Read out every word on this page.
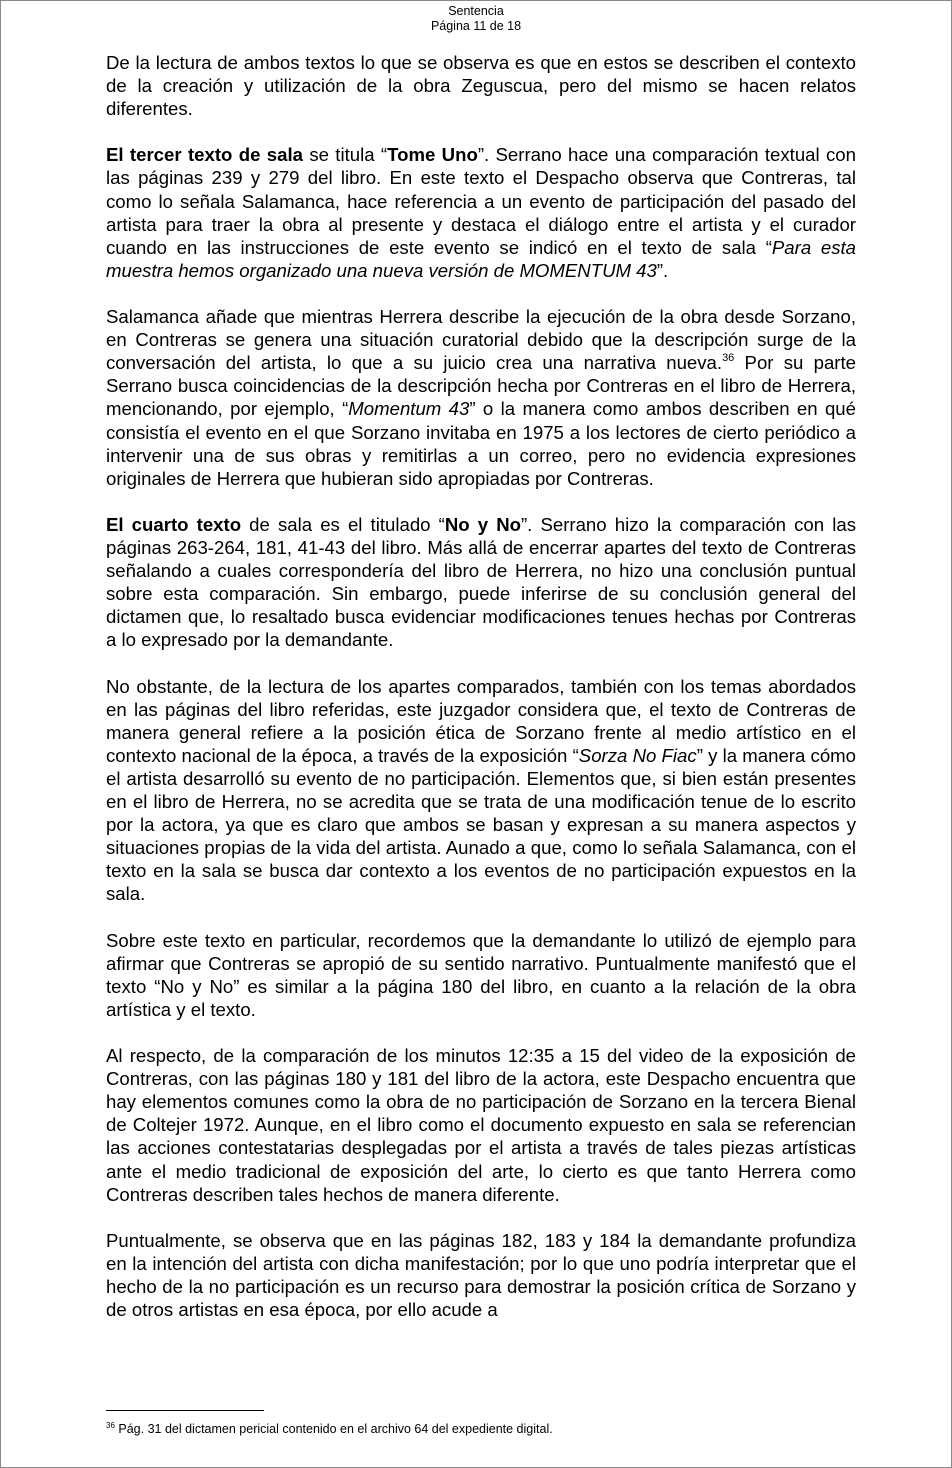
Sentencia
Página 11 de 18

De la lectura de ambos textos lo que se observa es que en estos se describen el contexto de la creación y utilización de la obra Zeguscua, pero del mismo se hacen relatos diferentes.

El tercer texto de sala se titula “Tome Uno”. Serrano hace una comparación textual con las páginas 239 y 279 del libro. En este texto el Despacho observa que Contreras, tal como lo señala Salamanca, hace referencia a un evento de participación del pasado del artista para traer la obra al presente y destaca el diálogo entre el artista y el curador cuando en las instrucciones de este evento se indicó en el texto de sala “Para esta muestra hemos organizado una nueva versión de MOMENTUM 43”.

Salamanca añade que mientras Herrera describe la ejecución de la obra desde Sorzano, en Contreras se genera una situación curatorial debido que la descripción surge de la conversación del artista, lo que a su juicio crea una narrativa nueva.$^{36}$ Por su parte Serrano busca coincidencias de la descripción hecha por Contreras en el libro de Herrera, mencionando, por ejemplo, “Momentum 43” o la manera como ambos describen en qué consistía el evento en el que Sorzano invitaba en 1975 a los lectores de cierto periódico a intervenir una de sus obras y remitirlas a un correo, pero no evidencia expresiones originales de Herrera que hubieran sido apropiadas por Contreras.

El cuarto texto de sala es el titulado “No y No”. Serrano hizo la comparación con las páginas 263-264, 181, 41-43 del libro. Más allá de encerrar apartes del texto de Contreras señalando a cuales correspondería del libro de Herrera, no hizo una conclusión puntual sobre esta comparación. Sin embargo, puede inferirse de su conclusión general del dictamen que, lo resaltado busca evidenciar modificaciones tenues hechas por Contreras a lo expresado por la demandante.

No obstante, de la lectura de los apartes comparados, también con los temas abordados en las páginas del libro referidas, este juzgador considera que, el texto de Contreras de manera general refiere a la posición ética de Sorzano frente al medio artístico en el contexto nacional de la época, a través de la exposición “Sorza No Fiac” y la manera cómo el artista desarrolló su evento de no participación. Elementos que, si bien están presentes en el libro de Herrera, no se acredita que se trata de una modificación tenue de lo escrito por la actora, ya que es claro que ambos se basan y expresan a su manera aspectos y situaciones propias de la vida del artista. Aunado a que, como lo señala Salamanca, con el texto en la sala se busca dar contexto a los eventos de no participación expuestos en la sala.

Sobre este texto en particular, recordemos que la demandante lo utilizó de ejemplo para afirmar que Contreras se apropió de su sentido narrativo. Puntualmente manifestó que el texto “No y No” es similar a la página 180 del libro, en cuanto a la relación de la obra artística y el texto.

Al respecto, de la comparación de los minutos 12:35 a 15 del video de la exposición de Contreras, con las páginas 180 y 181 del libro de la actora, este Despacho encuentra que hay elementos comunes como la obra de no participación de Sorzano en la tercera Bienal de Coltejer 1972. Aunque, en el libro como el documento expuesto en sala se referencian las acciones contestatarias desplegadas por el artista a través de tales piezas artísticas ante el medio tradicional de exposición del arte, lo cierto es que tanto Herrera como Contreras describen tales hechos de manera diferente.

Puntualmente, se observa que en las páginas 182, 183 y 184 la demandante profundiza en la intención del artista con dicha manifestación; por lo que uno podría interpretar que el hecho de la no participación es un recurso para demostrar la posición crítica de Sorzano y de otros artistas en esa época, por ello acude a

$^{36}$ Pág. 31 del dictamen pericial contenido en el archivo 64 del expediente digital.
